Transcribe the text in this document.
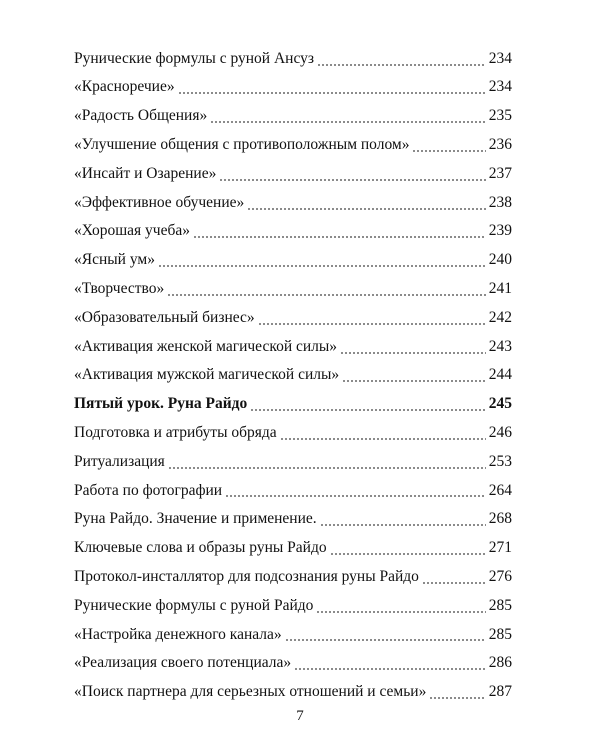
Рунические формулы с руной Ансуз	234
«Красноречие»	234
«Радость Общения»	235
«Улучшение общения с противоположным полом»	236
«Инсайт и Озарение»	237
«Эффективное обучение»	238
«Хорошая учеба»	239
«Ясный ум»	240
«Творчество»	241
«Образовательный бизнес»	242
«Активация женской магической силы»	243
«Активация мужской магической силы»	244
Пятый урок. Руна Райдо	245
Подготовка и атрибуты обряда	246
Ритуализация	253
Работа по фотографии	264
Руна Райдо. Значение и применение.	268
Ключевые слова и образы руны Райдо	271
Протокол-инсталлятор для подсознания руны Райдо	276
Рунические формулы с руной Райдо	285
«Настройка денежного канала»	285
«Реализация своего потенциала»	286
«Поиск партнера для серьезных отношений и семьи»	287
7
